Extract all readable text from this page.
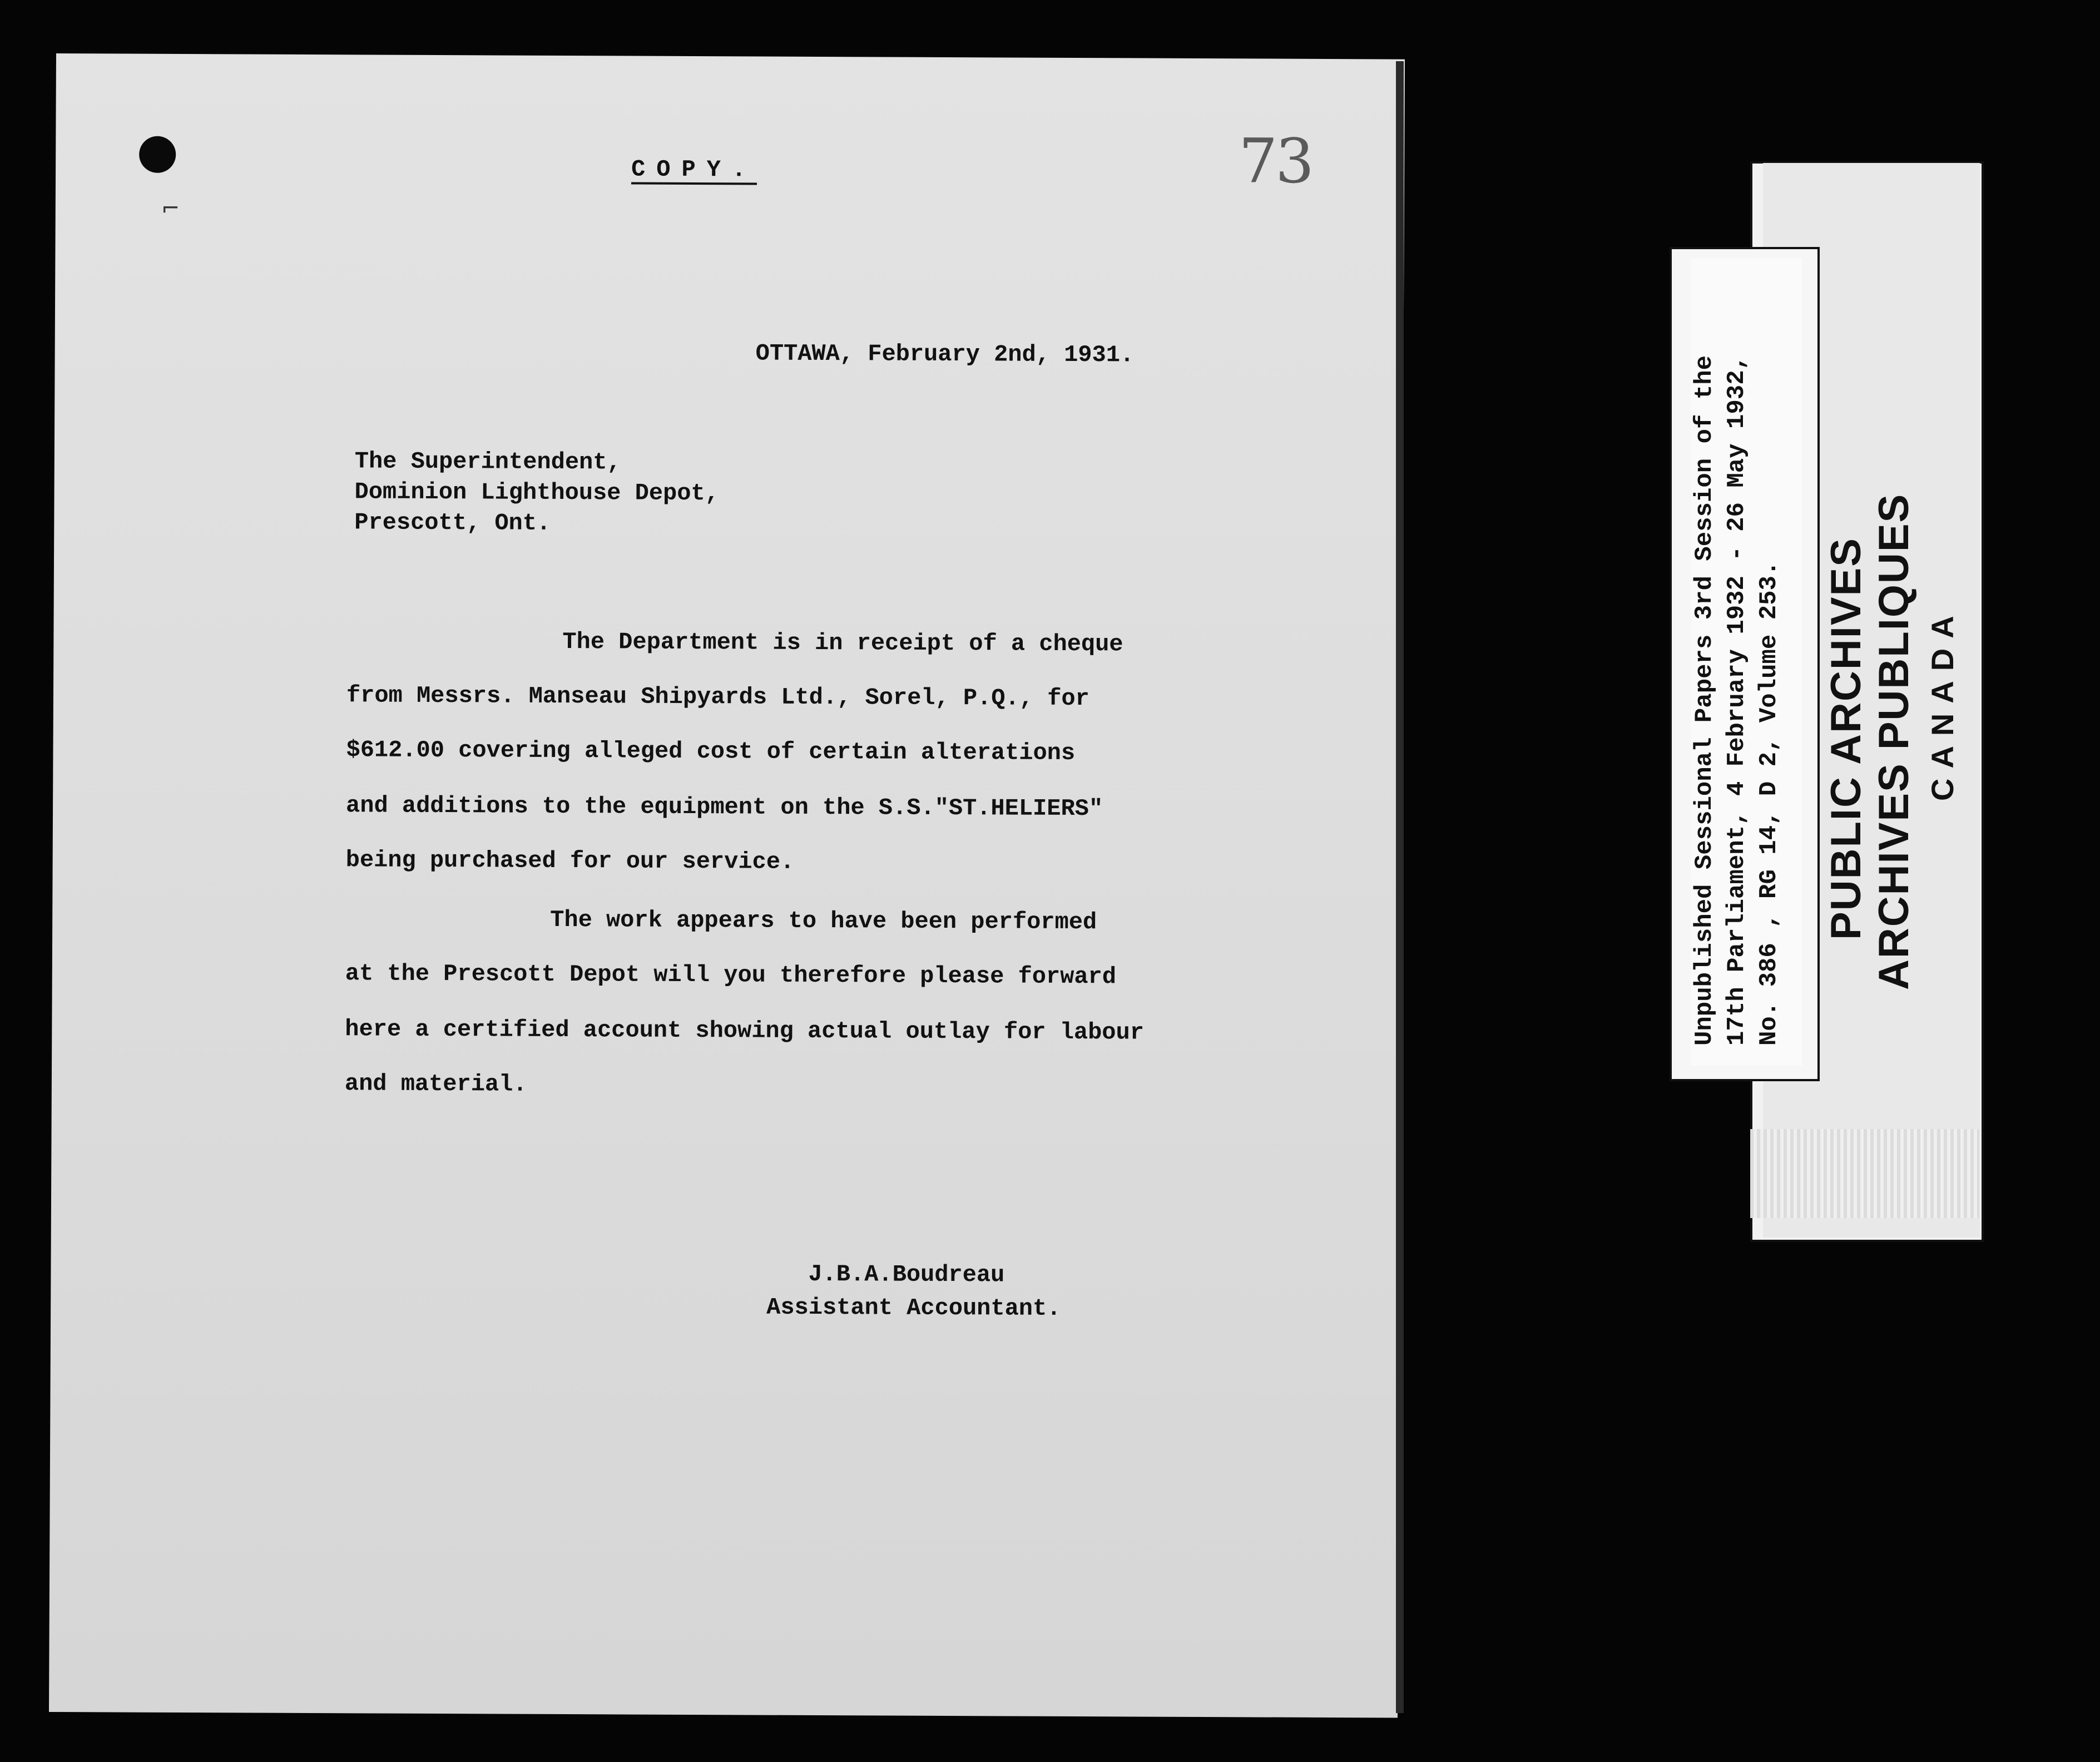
⌐
73
COPY.
OTTAWA, February 2nd, 1931.
The Superintendent,
Dominion Lighthouse Depot,
Prescott, Ont.
The Department is in receipt of a cheque
from Messrs. Manseau Shipyards Ltd., Sorel, P.Q., for
$612.00 covering alleged cost of certain alterations
and additions to the equipment on the S.S."ST.HELIERS"
being purchased for our service.
The work appears to have been performed
at the Prescott Depot will you therefore please forward
here a certified account showing actual outlay for labour
and material.
J.B.A.Boudreau
Assistant Accountant.
PUBLIC ARCHIVES ARCHIVES PUBLIQUES CANADA
Unpublished Sessional Papers 3rd Session of the 17th Parliament, 4 February 1932 - 26 May 1932, No. 386 , RG 14, D 2, Volume 253.
